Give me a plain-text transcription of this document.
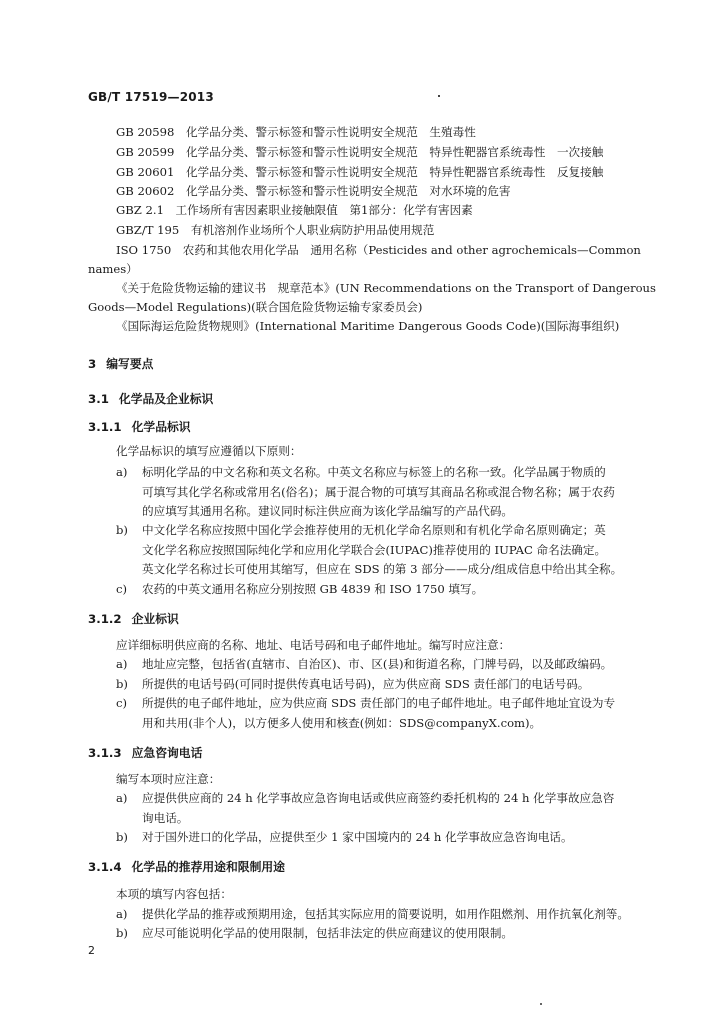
GB/T 17519—2013
GB 20598　化学品分类、警示标签和警示性说明安全规范　生殖毒性
GB 20599　化学品分类、警示标签和警示性说明安全规范　特异性靶器官系统毒性　一次接触
GB 20601　化学品分类、警示标签和警示性说明安全规范　特异性靶器官系统毒性　反复接触
GB 20602　化学品分类、警示标签和警示性说明安全规范　对水环境的危害
GBZ 2.1　工作场所有害因素职业接触限值　第1部分：化学有害因素
GBZ/T 195　有机溶剂作业场所个人职业病防护用品使用规范
ISO 1750　农药和其他农用化学品　通用名称（Pesticides and other agrochemicals—Common
names）
《关于危险货物运输的建议书　规章范本》(UN Recommendations on the Transport of Dangerous
Goods—Model Regulations)(联合国危险货物运输专家委员会)
《国际海运危险货物规则》(International Maritime Dangerous Goods Code)(国际海事组织)
3 编写要点
3.1 化学品及企业标识
3.1.1 化学品标识
化学品标识的填写应遵循以下原则：
a) 标明化学品的中文名称和英文名称。中英文名称应与标签上的名称一致。化学品属于物质的
可填写其化学名称或常用名(俗名)；属于混合物的可填写其商品名称或混合物名称；属于农药
的应填写其通用名称。建议同时标注供应商为该化学品编写的产品代码。
b) 中文化学名称应按照中国化学会推荐使用的无机化学命名原则和有机化学命名原则确定；英
文化学名称应按照国际纯化学和应用化学联合会(IUPAC)推荐使用的 IUPAC 命名法确定。
英文化学名称过长可使用其缩写，但应在 SDS 的第 3 部分——成分/组成信息中给出其全称。
c) 农药的中英文通用名称应分别按照 GB 4839 和 ISO 1750 填写。
3.1.2 企业标识
应详细标明供应商的名称、地址、电话号码和电子邮件地址。编写时应注意：
a) 地址应完整，包括省(直辖市、自治区)、市、区(县)和街道名称，门牌号码，以及邮政编码。
b) 所提供的电话号码(可同时提供传真电话号码)，应为供应商 SDS 责任部门的电话号码。
c) 所提供的电子邮件地址，应为供应商 SDS 责任部门的电子邮件地址。电子邮件地址宜设为专
用和共用(非个人)，以方便多人使用和核查(例如：SDS@companyX.com)。
3.1.3 应急咨询电话
编写本项时应注意：
a) 应提供供应商的 24 h 化学事故应急咨询电话或供应商签约委托机构的 24 h 化学事故应急咨
询电话。
b) 对于国外进口的化学品，应提供至少 1 家中国境内的 24 h 化学事故应急咨询电话。
3.1.4 化学品的推荐用途和限制用途
本项的填写内容包括：
a) 提供化学品的推荐或预期用途，包括其实际应用的简要说明，如用作阻燃剂、用作抗氧化剂等。
b) 应尽可能说明化学品的使用限制，包括非法定的供应商建议的使用限制。
2
